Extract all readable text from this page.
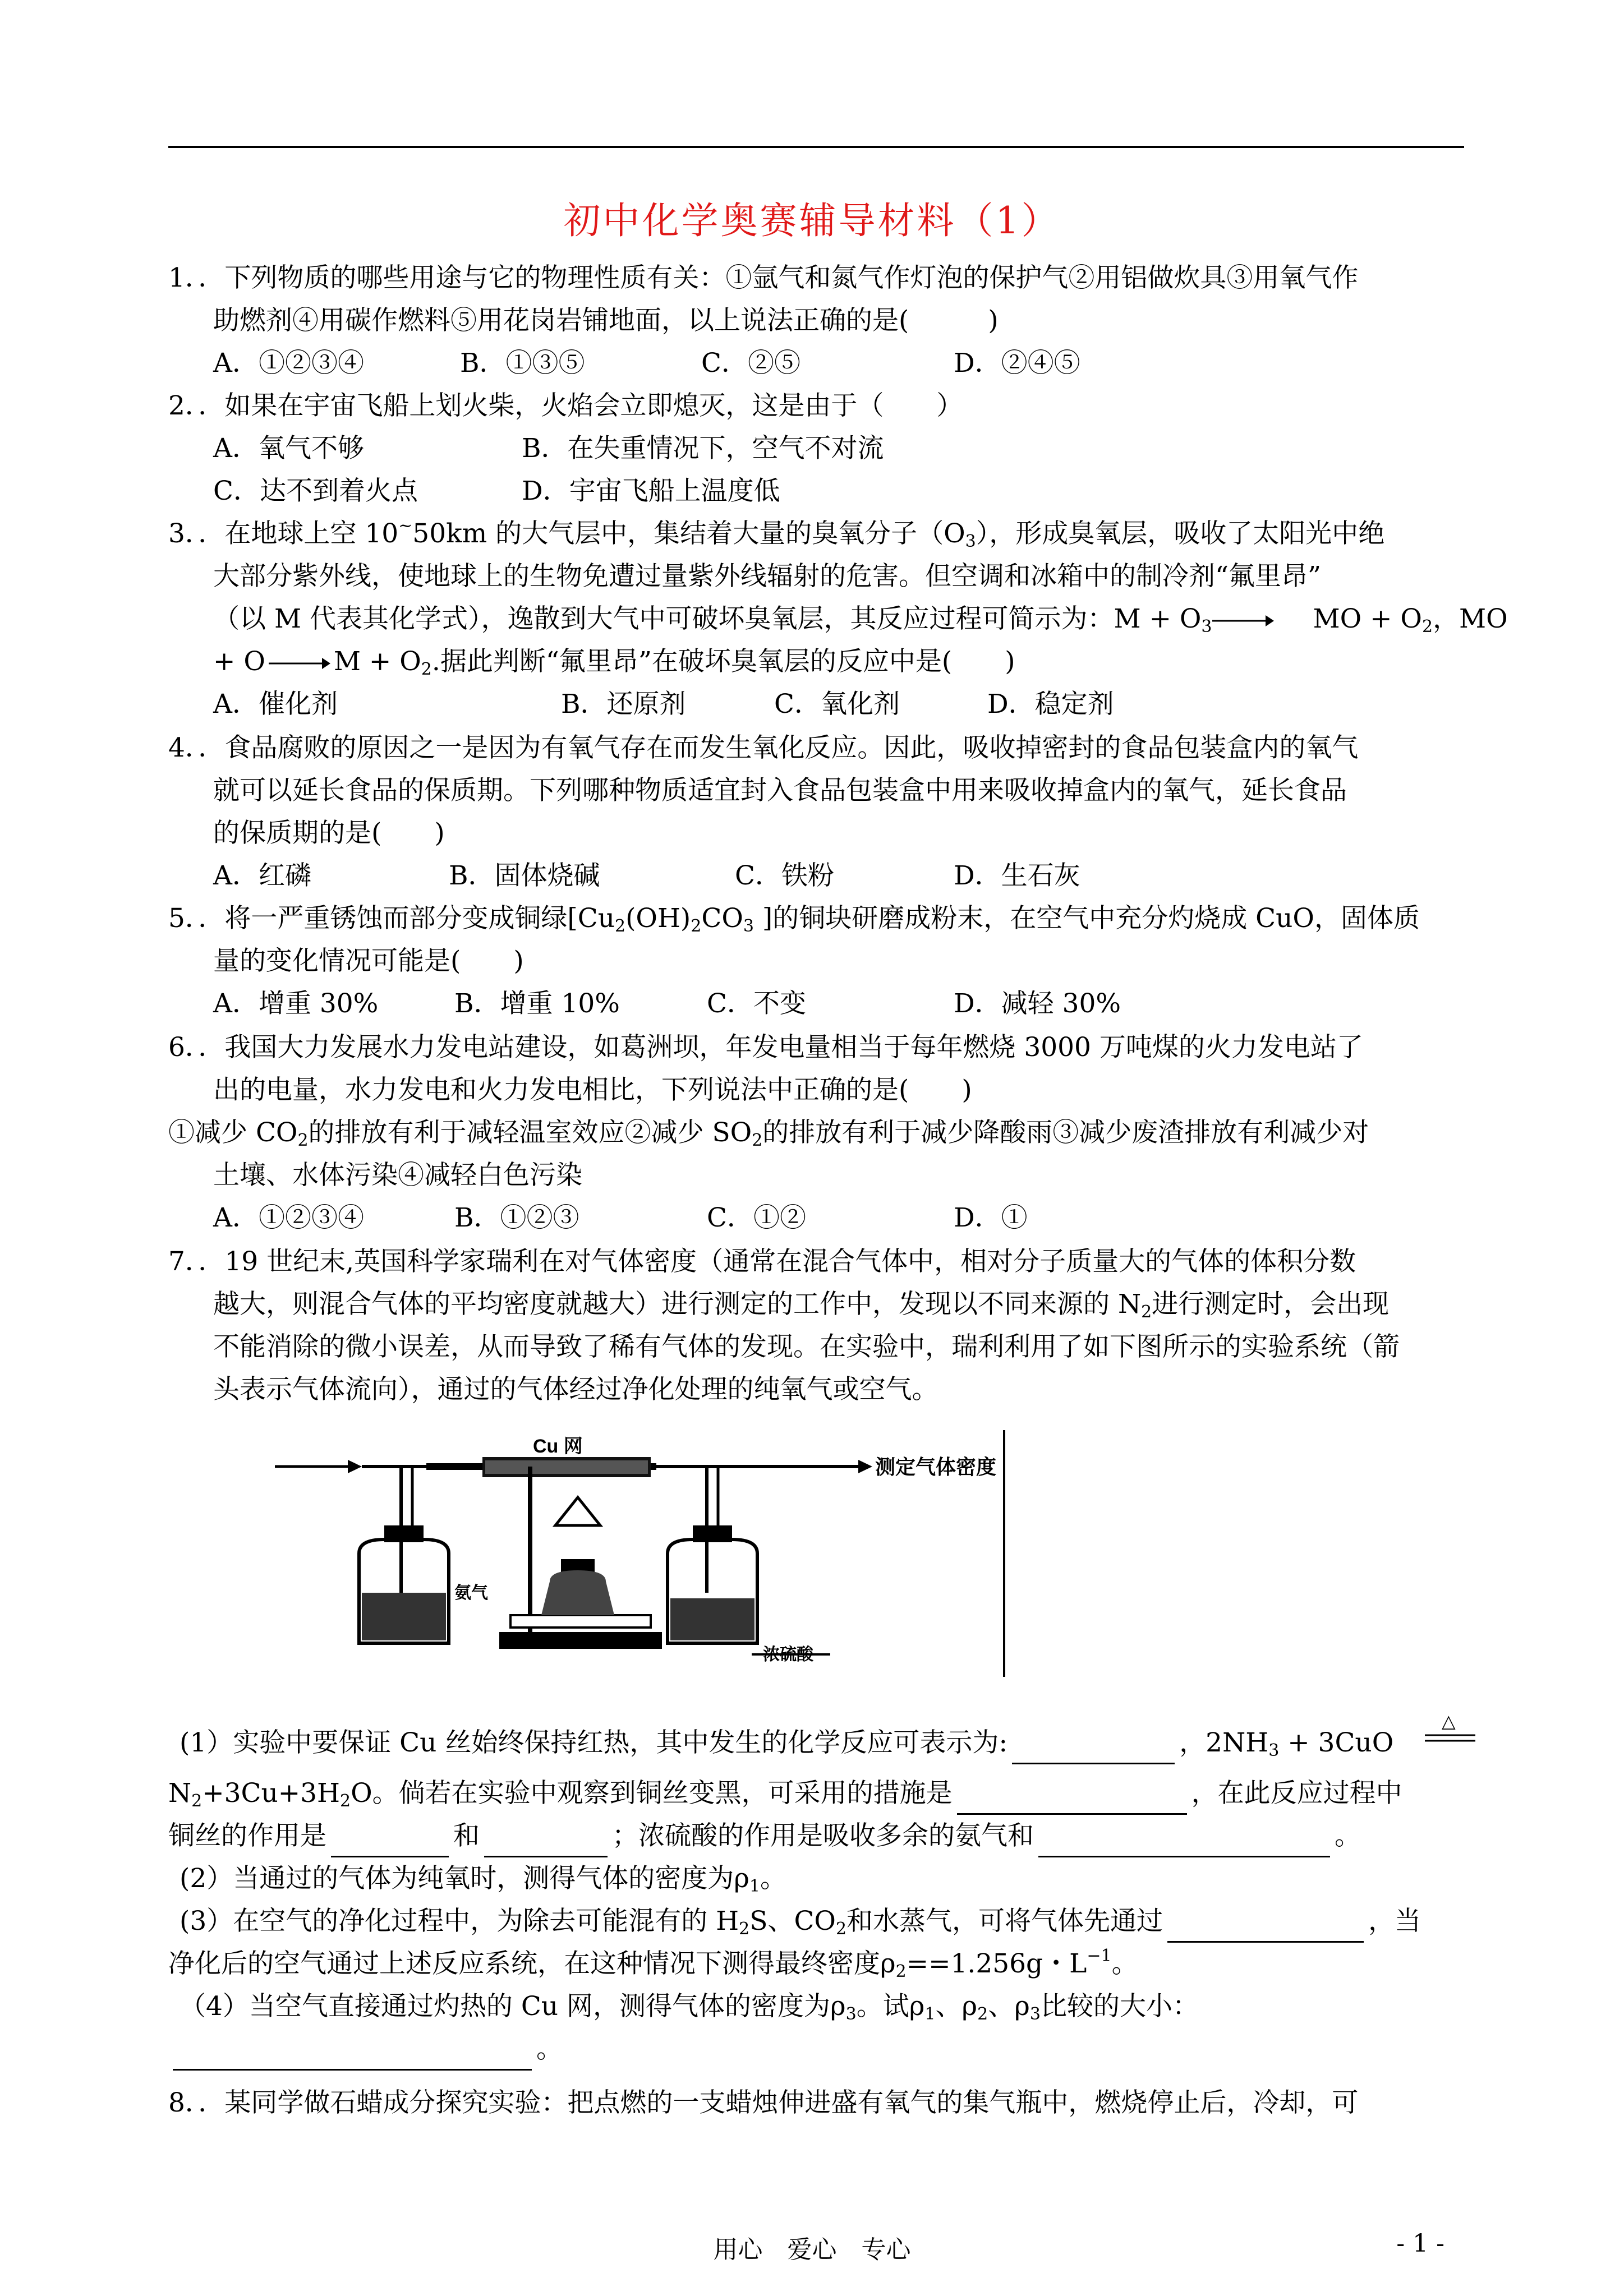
初中化学奥赛辅导材料（1）
1．．下列物质的哪些用途与它的物理性质有关：①氩气和氮气作灯泡的保护气②用铝做炊具③用氧气作
助燃剂④用碳作燃料⑤用花岗岩铺地面，以上说法正确的是(　　　)
A．①②③④	B．①③⑤	C．②⑤	D．②④⑤
2．．如果在宇宙飞船上划火柴，火焰会立即熄灭，这是由于（　　）
A．氧气不够	B．在失重情况下，空气不对流
C．达不到着火点	D．宇宙飞船上温度低
3．．在地球上空 10~50km 的大气层中，集结着大量的臭氧分子$(O_3)$，形成臭氧层，吸收了太阳光中绝
大部分紫外线，使地球上的生物免遭过量紫外线辐射的危害。但空调和冰箱中的制冷剂“氟里昂”
（以 M 代表其化学式），逸散到大气中可破坏臭氧层，其反应过程可简示为：$M + O_3\to$ MO + $O_2$，MO
+ $O \to M + O_2$.据此判断“氟里昂”在破坏臭氧层的反应中是(　　)
A．催化剂	B．还原剂	C．氧化剂	D．稳定剂
4．．食品腐败的原因之一是因为有氧气存在而发生氧化反应。因此，吸收掉密封的食品包装盒内的氧气
就可以延长食品的保质期。下列哪种物质适宜封入食品包装盒中用来吸收掉盒内的氧气，延长食品
的保质期的是(　　)
A．红磷	B．固体烧碱	C．铁粉	D．生石灰
5．．将一严重锈蚀而部分变成铜绿[$Cu_2(OH)_2CO_3$ ]的铜块研磨成粉末，在空气中充分灼烧成 CuO，固体质
量的变化情况可能是(　　)
A．增重 30%	B．增重 10%	C．不变	D．减轻 30%
6．．我国大力发展水力发电站建设，如葛洲坝，年发电量相当于每年燃烧 3000 万吨煤的火力发电站了
出的电量，水力发电和火力发电相比，下列说法中正确的是(　　)
①减少 $CO_2$的排放有利于减轻温室效应②减少 $SO_2$的排放有利于减少降酸雨③减少废渣排放有利减少对
土壤、水体污染④减轻白色污染
A．①②③④	B．①②③	C．①②	D．①
7．．19 世纪末,英国科学家瑞利在对气体密度（通常在混合气体中，相对分子质量大的气体的体积分数
越大，则混合气体的平均密度就越大）进行测定的工作中，发现以不同来源的 $N_2$进行测定时，会出现
不能消除的微小误差，从而导致了稀有气体的发现。在实验中，瑞利利用了如下图所示的实验系统（箭
头表示气体流向），通过的气体经过净化处理的纯氧气或空气。
Cu 网
测定气体密度
氨气
浓硫酸
(1）实验中要保证 Cu 丝始终保持红热，其中发生的化学反应可表示为:	，$2NH_3 + 3CuO$
△
$N_2+3Cu+3H_2O$。倘若在实验中观察到铜丝变黑，可采用的措施是	，在此反应过程中
铜丝的作用是	和	；浓硫酸的作用是吸收多余的氨气和	。
(2）当通过的气体为纯氧时，测得气体的密度为$\rho_1$。
(3）在空气的净化过程中，为除去可能混有的 $H_2S$、$CO_2$和水蒸气，可将气体先通过	，当
净化后的空气通过上述反应系统，在这种情况下测得最终密度$\rho_2==1.256g$・$L^{-1}$。
（4）当空气直接通过灼热的 Cu 网，测得气体的密度为$\rho_3$。试$\rho_1$、$\rho_2$、$\rho_3$比较的大小：
。
8．．某同学做石蜡成分探究实验：把点燃的一支蜡烛伸进盛有氧气的集气瓶中，燃烧停止后，冷却，可
用心　爱心　专心	- 1 -
